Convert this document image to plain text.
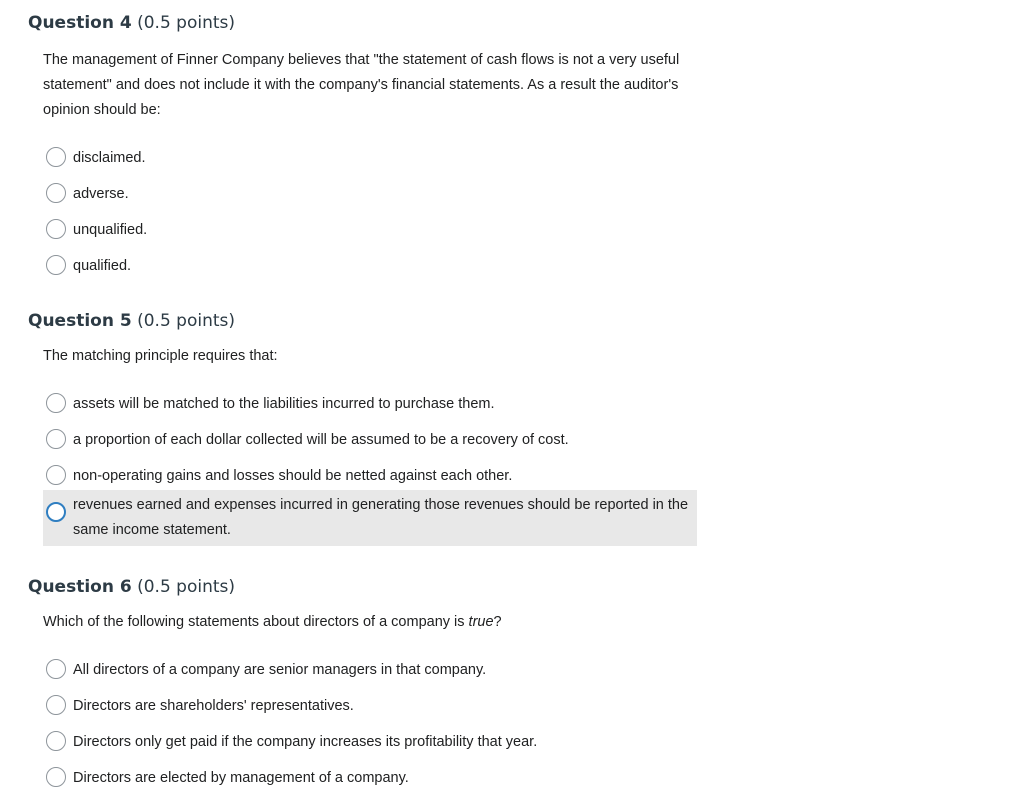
Question 4 (0.5 points)
The management of Finner Company believes that "the statement of cash flows is not a very useful statement" and does not include it with the company's financial statements. As a result the auditor's opinion should be:
disclaimed.
adverse.
unqualified.
qualified.
Question 5 (0.5 points)
The matching principle requires that:
assets will be matched to the liabilities incurred to purchase them.
a proportion of each dollar collected will be assumed to be a recovery of cost.
non-operating gains and losses should be netted against each other.
revenues earned and expenses incurred in generating those revenues should be reported in the same income statement.
Question 6 (0.5 points)
Which of the following statements about directors of a company is true?
All directors of a company are senior managers in that company.
Directors are shareholders' representatives.
Directors only get paid if the company increases its profitability that year.
Directors are elected by management of a company.
